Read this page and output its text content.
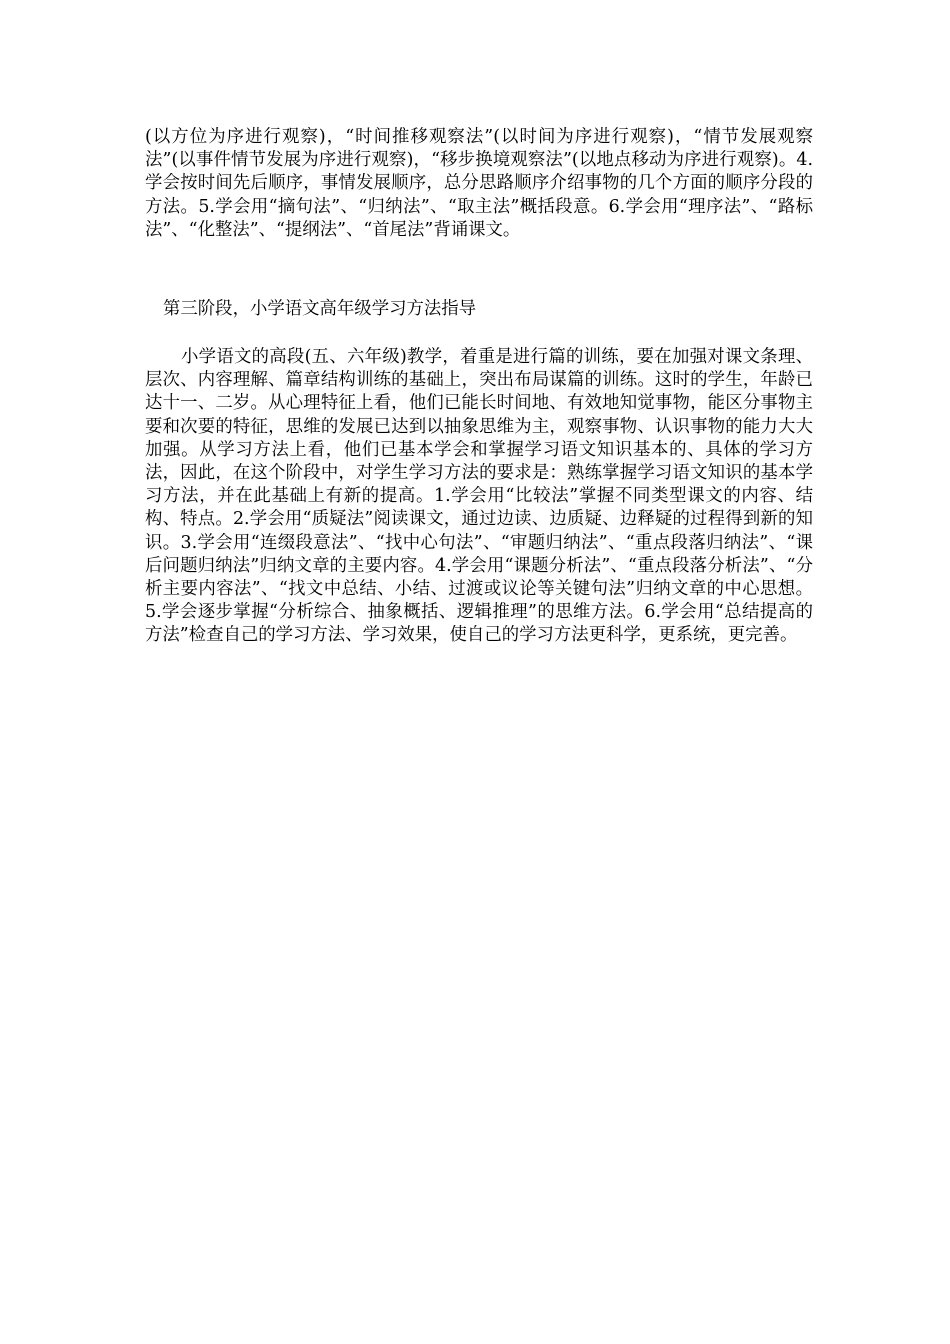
(以方位为序进行观察)，“时间推移观察法”(以时间为序进行观察)，“情节发展观察法”(以事件情节发展为序进行观察)，“移步换境观察法”(以地点移动为序进行观察)。4.学会按时间先后顺序，事情发展顺序，总分思路顺序介绍事物的几个方面的顺序分段的方法。5.学会用“摘句法”、“归纳法”、“取主法”概括段意。6.学会用“理序法”、“路标法”、“化整法”、“提纲法”、“首尾法”背诵课文。

第三阶段，小学语文高年级学习方法指导

小学语文的高段(五、六年级)教学，着重是进行篇的训练，要在加强对课文条理、层次、内容理解、篇章结构训练的基础上，突出布局谋篇的训练。这时的学生，年龄已达十一、二岁。从心理特征上看，他们已能长时间地、有效地知觉事物，能区分事物主要和次要的特征，思维的发展已达到以抽象思维为主，观察事物、认识事物的能力大大加强。从学习方法上看，他们已基本学会和掌握学习语文知识基本的、具体的学习方法，因此，在这个阶段中，对学生学习方法的要求是：熟练掌握学习语文知识的基本学习方法，并在此基础上有新的提高。1.学会用“比较法”掌握不同类型课文的内容、结构、特点。2.学会用“质疑法”阅读课文，通过边读、边质疑、边释疑的过程得到新的知识。3.学会用“连缀段意法”、“找中心句法”、“审题归纳法”、“重点段落归纳法”、“课后问题归纳法”归纳文章的主要内容。4.学会用“课题分析法”、“重点段落分析法”、“分析主要内容法”、“找文中总结、小结、过渡或议论等关键句法”归纳文章的中心思想。5.学会逐步掌握“分析综合、抽象概括、逻辑推理”的思维方法。6.学会用“总结提高的方法”检查自己的学习方法、学习效果，使自己的学习方法更科学，更系统，更完善。
